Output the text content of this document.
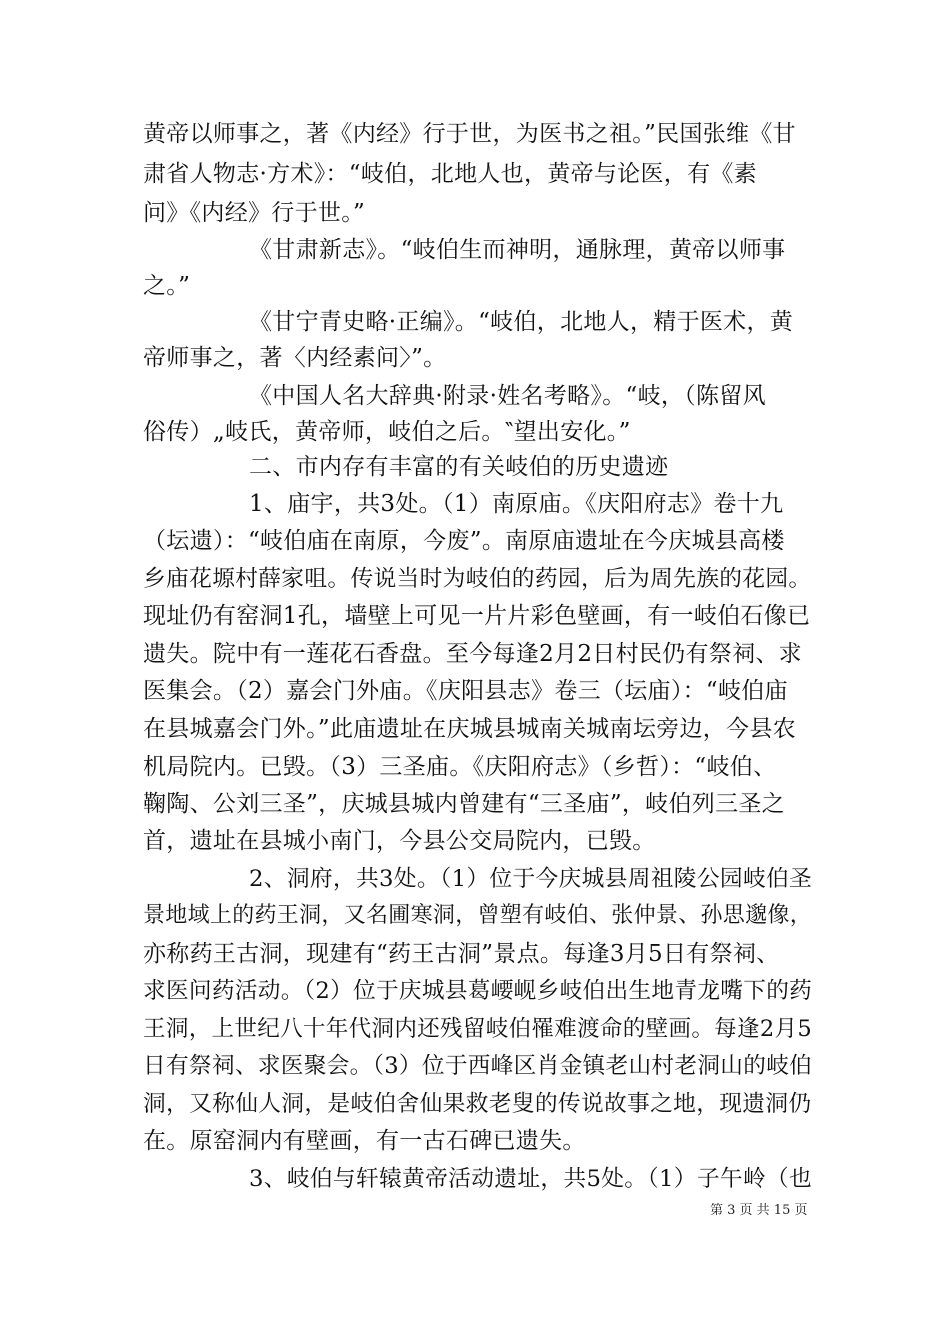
黄帝以师事之，著《内经》行于世，为医书之祖。”民国张维《甘
肃省人物志·方术》：“岐伯，北地人也，黄帝与论医，有《素
问》《内经》行于世。”
《甘肃新志》。“岐伯生而神明，通脉理，黄帝以师事
之。”
《甘宁青史略·正编》。“岐伯，北地人，精于医术，黄
帝师事之，著〈内经素问〉”。
《中国人名大辞典·附录·姓名考略》。“岐，（陈留风
俗传）„岐氏，黄帝师，岐伯之后。‶望出安化。”
二、市内存有丰富的有关岐伯的历史遗迹
1、庙宇，共3处。（1）南原庙。《庆阳府志》卷十九
（坛遗）：“岐伯庙在南原，今废”。南原庙遗址在今庆城县高楼
乡庙花塬村薛家咀。传说当时为岐伯的药园，后为周先族的花园。
现址仍有窑洞1孔，墙壁上可见一片片彩色壁画，有一岐伯石像已
遗失。院中有一莲花石香盘。至今每逢2月2日村民仍有祭祠、求
医集会。（2）嘉会门外庙。《庆阳县志》卷三（坛庙）：“岐伯庙
在县城嘉会门外。”此庙遗址在庆城县城南关城南坛旁边，今县农
机局院内。已毁。（3）三圣庙。《庆阳府志》（乡哲）：“岐伯、
鞠陶、公刘三圣”，庆城县城内曾建有“三圣庙”，岐伯列三圣之
首，遗址在县城小南门，今县公交局院内，已毁。
2、洞府，共3处。（1）位于今庆城县周祖陵公园岐伯圣
景地域上的药王洞，又名圃寒洞，曾塑有岐伯、张仲景、孙思邈像，
亦称药王古洞，现建有“药王古洞”景点。每逢3月5日有祭祠、
求医问药活动。（2）位于庆城县葛崾岘乡岐伯出生地青龙嘴下的药
王洞，上世纪八十年代洞内还残留岐伯罹难渡命的壁画。每逢2月5
日有祭祠、求医聚会。（3）位于西峰区肖金镇老山村老洞山的岐伯
洞，又称仙人洞，是岐伯舍仙果救老叟的传说故事之地，现遗洞仍
在。原窑洞内有壁画，有一古石碑已遗失。
3、岐伯与轩辕黄帝活动遗址，共5处。（1）子午岭（也
第 3 页 共 15 页
